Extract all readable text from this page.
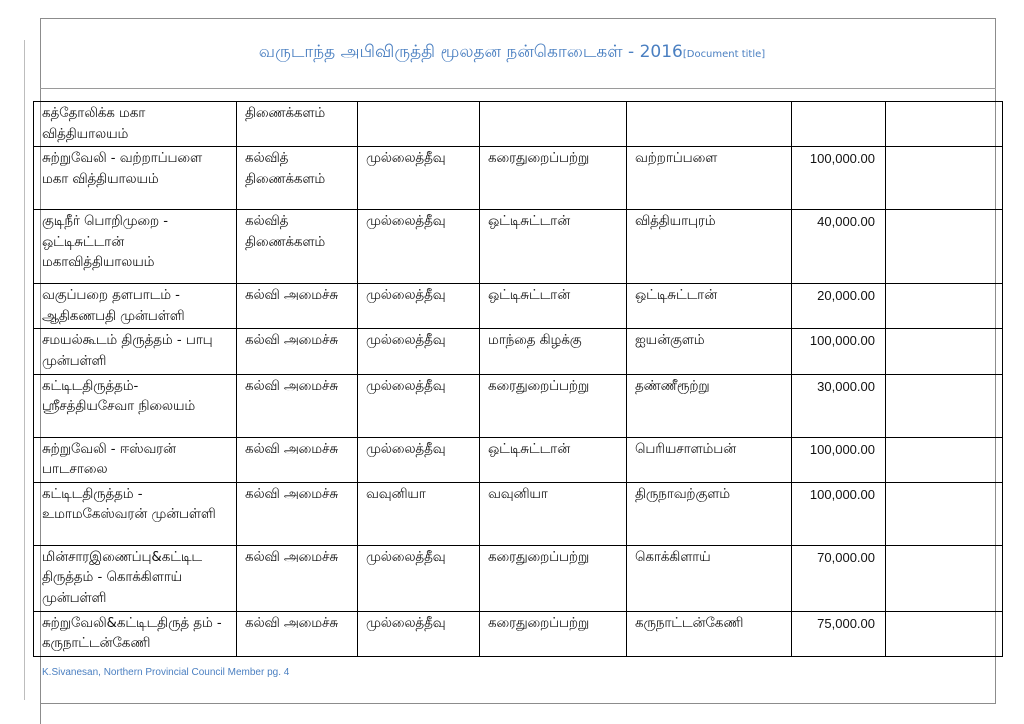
வருடாந்த அபிவிருத்தி மூலதன நன்கொடைகள் - 2016[Document title]
கத்தோலிக்க மகா வித்தியாலயம்	திணைக்களம்					
சுற்றுவேலி - வற்றாப்பளை மகா வித்தியாலயம்	கல்வித் திணைக்களம்	முல்லைத்தீவு	கரைதுறைப்பற்று	வற்றாப்பளை	100,000.00	
குடிநீர் பொறிமுறை - ஒட்டிசுட்டான் மகாவித்தியாலயம்	கல்வித் திணைக்களம்	முல்லைத்தீவு	ஒட்டிசுட்டான்	வித்தியாபுரம்	40,000.00	
வகுப்பறை தளபாடம் - ஆதிகணபதி முன்பள்ளி	கல்வி அமைச்சு	முல்லைத்தீவு	ஒட்டிசுட்டான்	ஒட்டிசுட்டான்	20,000.00	
சமயல்கூடம் திருத்தம் - பாபு முன்பள்ளி	கல்வி அமைச்சு	முல்லைத்தீவு	மாந்தை கிழக்கு	ஐயன்குளம்	100,000.00	
கட்டிடதிருத்தம்-ஸ்ரீசத்தியசேவா நிலையம்	கல்வி அமைச்சு	முல்லைத்தீவு	கரைதுறைப்பற்று	தண்ணீரூற்று	30,000.00	
சுற்றுவேலி - ஈஸ்வரன் பாடசாலை	கல்வி அமைச்சு	முல்லைத்தீவு	ஒட்டிசுட்டான்	பெரியசாளம்பன்	100,000.00	
கட்டிடதிருத்தம் - உமாமகேஸ்வரன் முன்பள்ளி	கல்வி அமைச்சு	வவுனியா	வவுனியா	திருநாவற்குளம்	100,000.00	
மின்சாரஇணைப்பு&கட்டிட திருத்தம் - கொக்கிளாய் முன்பள்ளி	கல்வி அமைச்சு	முல்லைத்தீவு	கரைதுறைப்பற்று	கொக்கிளாய்	70,000.00	
சுற்றுவேலி&கட்டிடதிருத் தம் - கருநாட்டன்கேணி	கல்வி அமைச்சு	முல்லைத்தீவு	கரைதுறைப்பற்று	கருநாட்டன்கேணி	75,000.00	
K.Sivanesan, Northern Provincial Council Member pg. 4
